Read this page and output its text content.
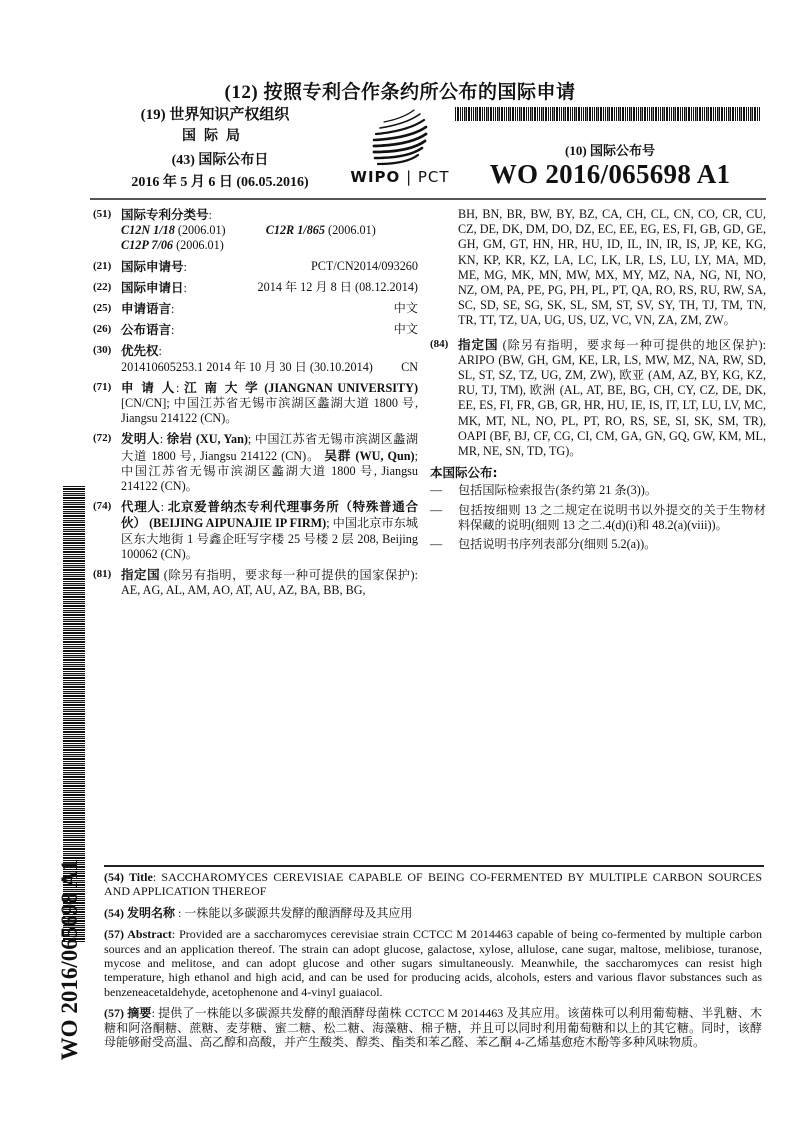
(12) 按照专利合作条约所公布的国际申请
(19) 世界知识产权组织
国际局
(43) 国际公布日
2016 年 5 月 6 日 (06.05.2016)	WIPO | PCT
(10) 国际公布号
WO 2016/065698 A1
(51) 国际专利分类号:
C12N 1/18 (2006.01)	C12R 1/865 (2006.01)
C12P 7/06 (2006.01)
(21) 国际申请号:	PCT/CN2014/093260
(22) 国际申请日:	2014 年 12 月 8 日 (08.12.2014)
(25) 申请语言:	中文
(26) 公布语言:	中文
(30) 优先权:
201410605253.1 2014 年 10 月 30 日 (30.10.2014) CN
(71) 申 请 人: 江 南 大 学 (JIANGNAN UNIVERSITY) [CN/CN]; 中国江苏省无锡市滨湖区蠡湖大道 1800 号, Jiangsu 214122 (CN)。
(72) 发明人: 徐岩 (XU, Yan); 中国江苏省无锡市滨湖区蠡湖大道 1800 号, Jiangsu 214122 (CN)。 吴群 (WU, Qun); 中国江苏省无锡市滨湖区蠡湖大道 1800 号, Jiangsu 214122 (CN)。
(74) 代理人: 北京爱普纳杰专利代理事务所（特殊普通合伙） (BEIJING AIPUNAJIE IP FIRM); 中国北京市东城区东大地街 1 号鑫企旺写字楼 25 号楼 2 层 208, Beijing 100062 (CN)。
(81) 指定国 (除另有指明，要求每一种可提供的国家保护): AE, AG, AL, AM, AO, AT, AU, AZ, BA, BB, BG,
BH, BN, BR, BW, BY, BZ, CA, CH, CL, CN, CO, CR, CU, CZ, DE, DK, DM, DO, DZ, EC, EE, EG, ES, FI, GB, GD, GE, GH, GM, GT, HN, HR, HU, ID, IL, IN, IR, IS, JP, KE, KG, KN, KP, KR, KZ, LA, LC, LK, LR, LS, LU, LY, MA, MD, ME, MG, MK, MN, MW, MX, MY, MZ, NA, NG, NI, NO, NZ, OM, PA, PE, PG, PH, PL, PT, QA, RO, RS, RU, RW, SA, SC, SD, SE, SG, SK, SL, SM, ST, SV, SY, TH, TJ, TM, TN, TR, TT, TZ, UA, UG, US, UZ, VC, VN, ZA, ZM, ZW。
(84) 指定国 (除另有指明，要求每一种可提供的地区保护): ARIPO (BW, GH, GM, KE, LR, LS, MW, MZ, NA, RW, SD, SL, ST, SZ, TZ, UG, ZM, ZW), 欧亚 (AM, AZ, BY, KG, KZ, RU, TJ, TM), 欧洲 (AL, AT, BE, BG, CH, CY, CZ, DE, DK, EE, ES, FI, FR, GB, GR, HR, HU, IE, IS, IT, LT, LU, LV, MC, MK, MT, NL, NO, PL, PT, RO, RS, SE, SI, SK, SM, TR), OAPI (BF, BJ, CF, CG, CI, CM, GA, GN, GQ, GW, KM, ML, MR, NE, SN, TD, TG)。
本国际公布:
— 包括国际检索报告(条约第 21 条(3))。
— 包括按细则 13 之二规定在说明书以外提交的关于生物材料保藏的说明(细则 13 之二.4(d)(i)和 48.2(a)(viii))。
— 包括说明书序列表部分(细则 5.2(a))。
WO 2016/065698 A1 (54) Title: SACCHAROMYCES CEREVISIAE CAPABLE OF BEING CO-FERMENTED BY MULTIPLE CARBON SOURCES AND APPLICATION THEREOF

(54) 发明名称 : 一株能以多碳源共发酵的酿酒酵母及其应用

(57) Abstract: Provided are a saccharomyces cerevisiae strain CCTCC M 2014463 capable of being co-fermented by multiple carbon sources and an application thereof. The strain can adopt glucose, galactose, xylose, allulose, cane sugar, maltose, melibiose, turanose, mycose and melitose, and can adopt glucose and other sugars simultaneously. Meanwhile, the saccharomyces can resist high temperature, high ethanol and high acid, and can be used for producing acids, alcohols, esters and various flavor substances such as benzeneacetaldehyde, acetophenone and 4-vinyl guaiacol.

(57) 摘要: 提供了一株能以多碳源共发酵的酿酒酵母菌株 CCTCC M 2014463 及其应用。该菌株可以利用葡萄糖、半乳糖、木糖和阿洛酮糖、蔗糖、麦芽糖、蜜二糖、松二糖、海藻糖、棉子糖，并且可以同时利用葡萄糖和以上的其它糖。同时，该酵母能够耐受高温、高乙醇和高酸，并产生酸类、醇类、酯类和苯乙醛、苯乙酮 4-乙烯基愈疮木酚等多种风味物质。
